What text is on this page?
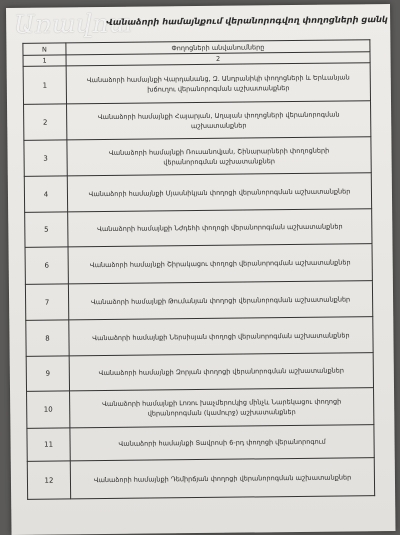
Առավոտ
Վանաձորի համայնքում վերանորոգվող փողոցների ցանկ
N	Փողոցների անվանումները
1	2
1	Վանաձորի համայնքի Վարդանանց, Զ. Անդրանիկի փողոցների և Երևանյան խճուղու վերանորոգման աշխատանքներ
2	Վանաձորի համայնքի Հայարյան, Աղայան փողոցների վերանորոգման աշխատանքներ
3	Վանաձորի համայնքի Ռուսանովյան, Շինարարների փողոցների վերանորոգման աշխատանքներ
4	Վանաձորի համայնքի Մյասնիկյան փողոցի վերանորոգման աշխատանքներ
5	Վանաձորի համայնքի Նժդեհի փողոցի վերանորոգման աշխատանքներ
6	Վանաձորի համայնքի Շիրակացու փողոցի վերանորոգման աշխատանքներ
7	Վանաձորի համայնքի Թումանյան փողոցի վերանորոգման աշխատանքներ
8	Վանաձորի համայնքի Ներսիսյան փողոցի վերանորոգման աշխատանքներ
9	Վանաձորի համայնքի Զորյան փողոցի վերանորոգման աշխատանքներ
10	Վանաձորի համայնքի Լոռու խաչմերուկից մինչև Նարեկացու փողոցի վերանորոգման (կամուրջ) աշխատանքներ
11	Վանաձորի համայնքի Տավրոսի 6-րդ փողոցի վերանորոգում
12	Վանաձորի համայնքի Դեմիրճյան փողոցի վերանորոգման աշխատանքներ
